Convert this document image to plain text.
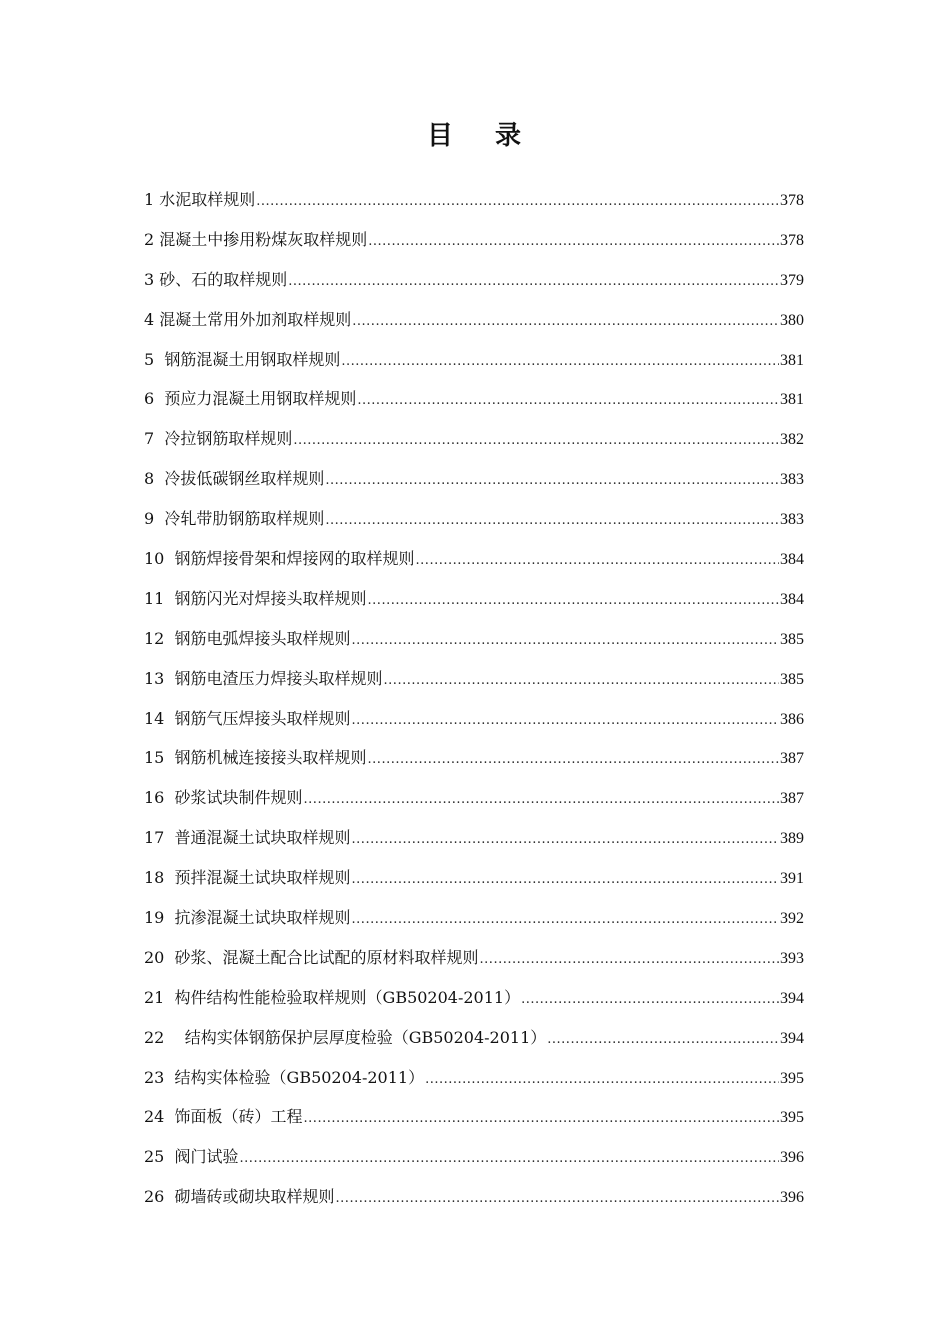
目 录
1 水泥取样规则 .....	378
2 混凝土中掺用粉煤灰取样规则 .....	378
3 砂、石的取样规则 .....	379
4 混凝土常用外加剂取样规则 .....	380
5  钢筋混凝土用钢取样规则 .....	381
6  预应力混凝土用钢取样规则 .....	381
7  冷拉钢筋取样规则 .....	382
8  冷拔低碳钢丝取样规则 .....	383
9  冷轧带肋钢筋取样规则 .....	383
10  钢筋焊接骨架和焊接网的取样规则 .....	384
11  钢筋闪光对焊接头取样规则 .....	384
12  钢筋电弧焊接头取样规则 .....	385
13  钢筋电渣压力焊接头取样规则 .....	385
14  钢筋气压焊接头取样规则 .....	386
15  钢筋机械连接接头取样规则 .....	387
16  砂浆试块制件规则 .....	387
17  普通混凝土试块取样规则 .....	389
18  预拌混凝土试块取样规则 .....	391
19  抗渗混凝土试块取样规则 .....	392
20  砂浆、混凝土配合比试配的原材料取样规则 .....	393
21  构件结构性能检验取样规则（GB50204-2011） .....	394
22    结构实体钢筋保护层厚度检验（GB50204-2011） .....	394
23  结构实体检验（GB50204-2011） .....	395
24  饰面板（砖）工程 .....	395
25  阀门试验 .....	396
26  砌墙砖或砌块取样规则 .....	396
